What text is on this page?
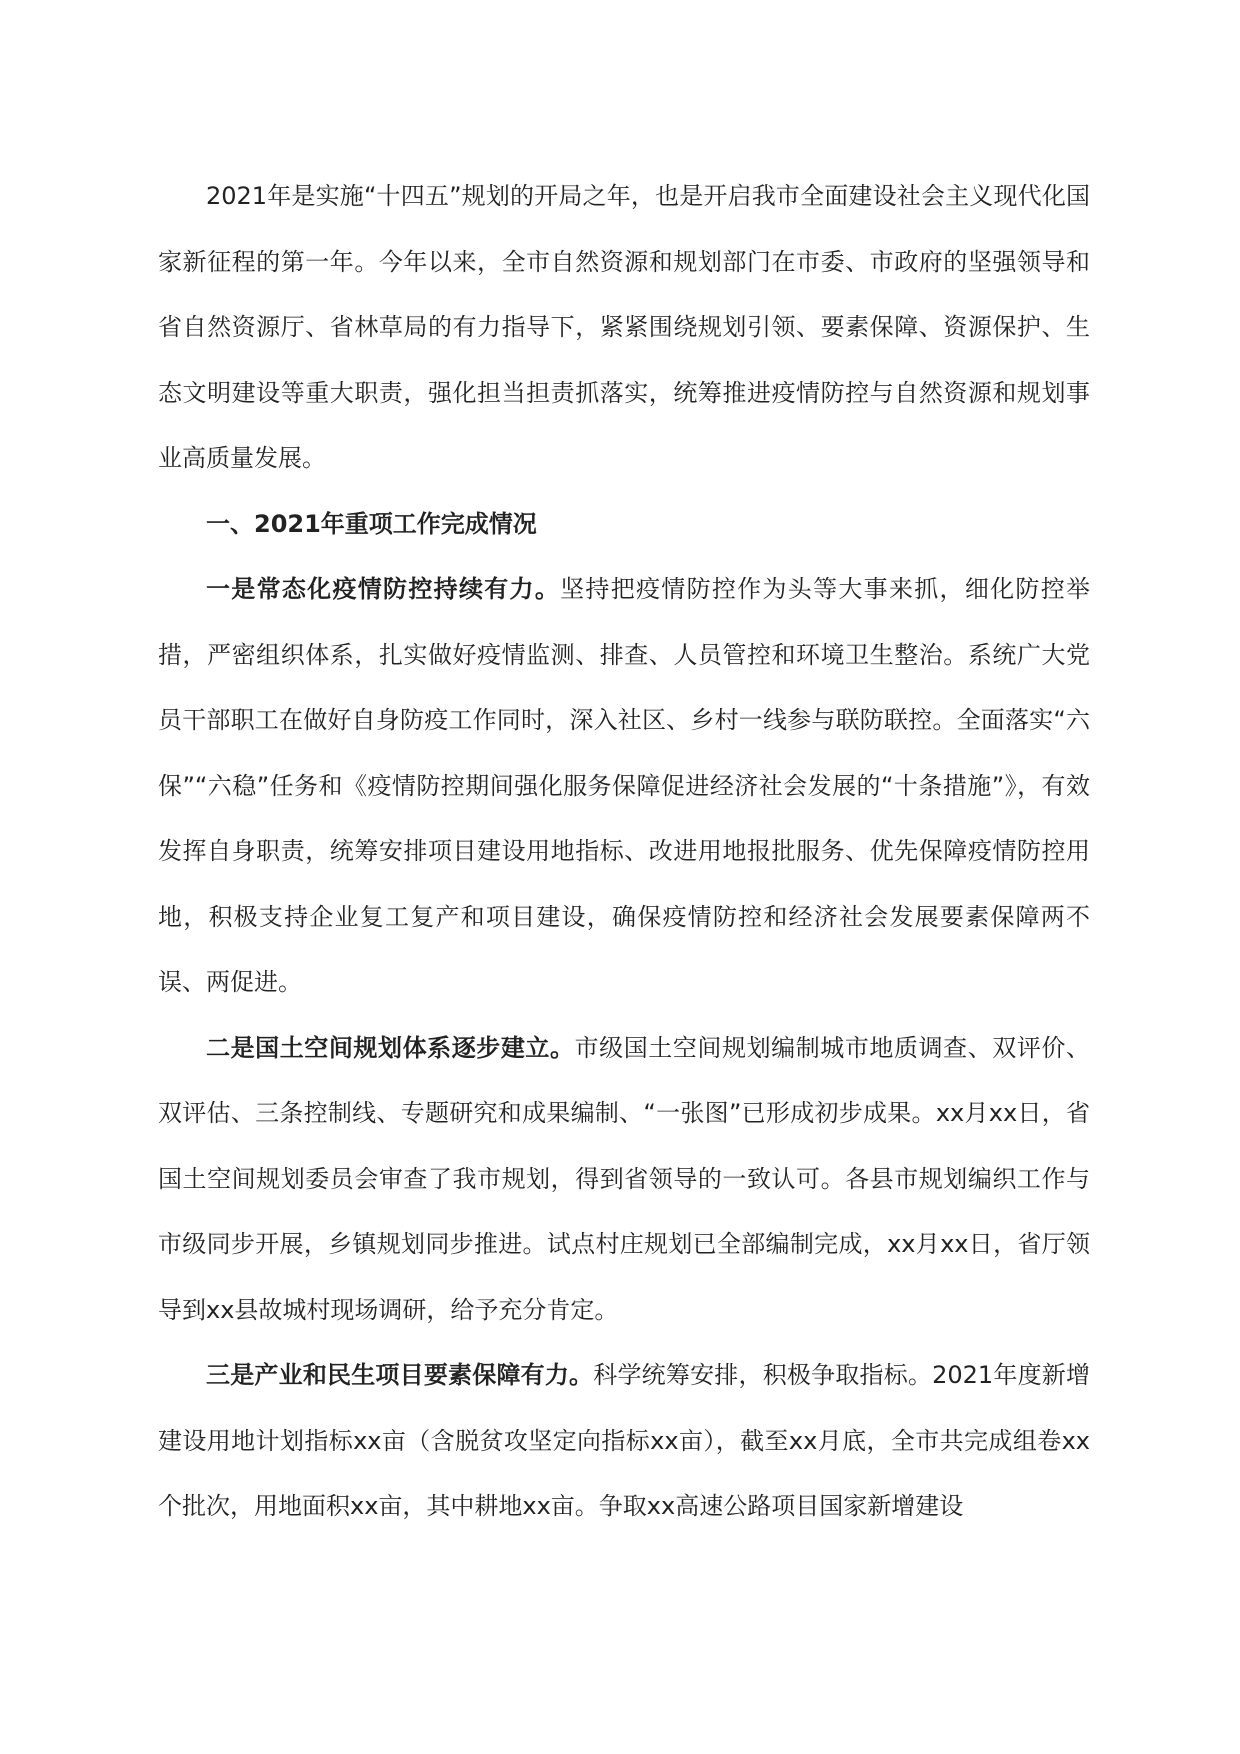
2021年是实施“十四五”规划的开局之年，也是开启我市全面建设社会主义现代化国家新征程的第一年。今年以来，全市自然资源和规划部门在市委、市政府的坚强领导和省自然资源厅、省林草局的有力指导下，紧紧围绕规划引领、要素保障、资源保护、生态文明建设等重大职责，强化担当担责抓落实，统筹推进疫情防控与自然资源和规划事业高质量发展。

一、2021年重项工作完成情况

一是常态化疫情防控持续有力。坚持把疫情防控作为头等大事来抓，细化防控举措，严密组织体系，扎实做好疫情监测、排查、人员管控和环境卫生整治。系统广大党员干部职工在做好自身防疫工作同时，深入社区、乡村一线参与联防联控。全面落实“六保”“六稳”任务和《疫情防控期间强化服务保障促进经济社会发展的“十条措施”》，有效发挥自身职责，统筹安排项目建设用地指标、改进用地报批服务、优先保障疫情防控用地，积极支持企业复工复产和项目建设，确保疫情防控和经济社会发展要素保障两不误、两促进。

二是国土空间规划体系逐步建立。市级国土空间规划编制城市地质调查、双评价、双评估、三条控制线、专题研究和成果编制、“一张图”已形成初步成果。xx月xx日，省国土空间规划委员会审查了我市规划，得到省领导的一致认可。各县市规划编织工作与市级同步开展，乡镇规划同步推进。试点村庄规划已全部编制完成，xx月xx日，省厅领导到xx县故城村现场调研，给予充分肯定。

三是产业和民生项目要素保障有力。科学统筹安排，积极争取指标。2021年度新增建设用地计划指标xx亩（含脱贫攻坚定向指标xx亩），截至xx月底，全市共完成组卷xx个批次，用地面积xx亩，其中耕地xx亩。争取xx高速公路项目国家新增建设
